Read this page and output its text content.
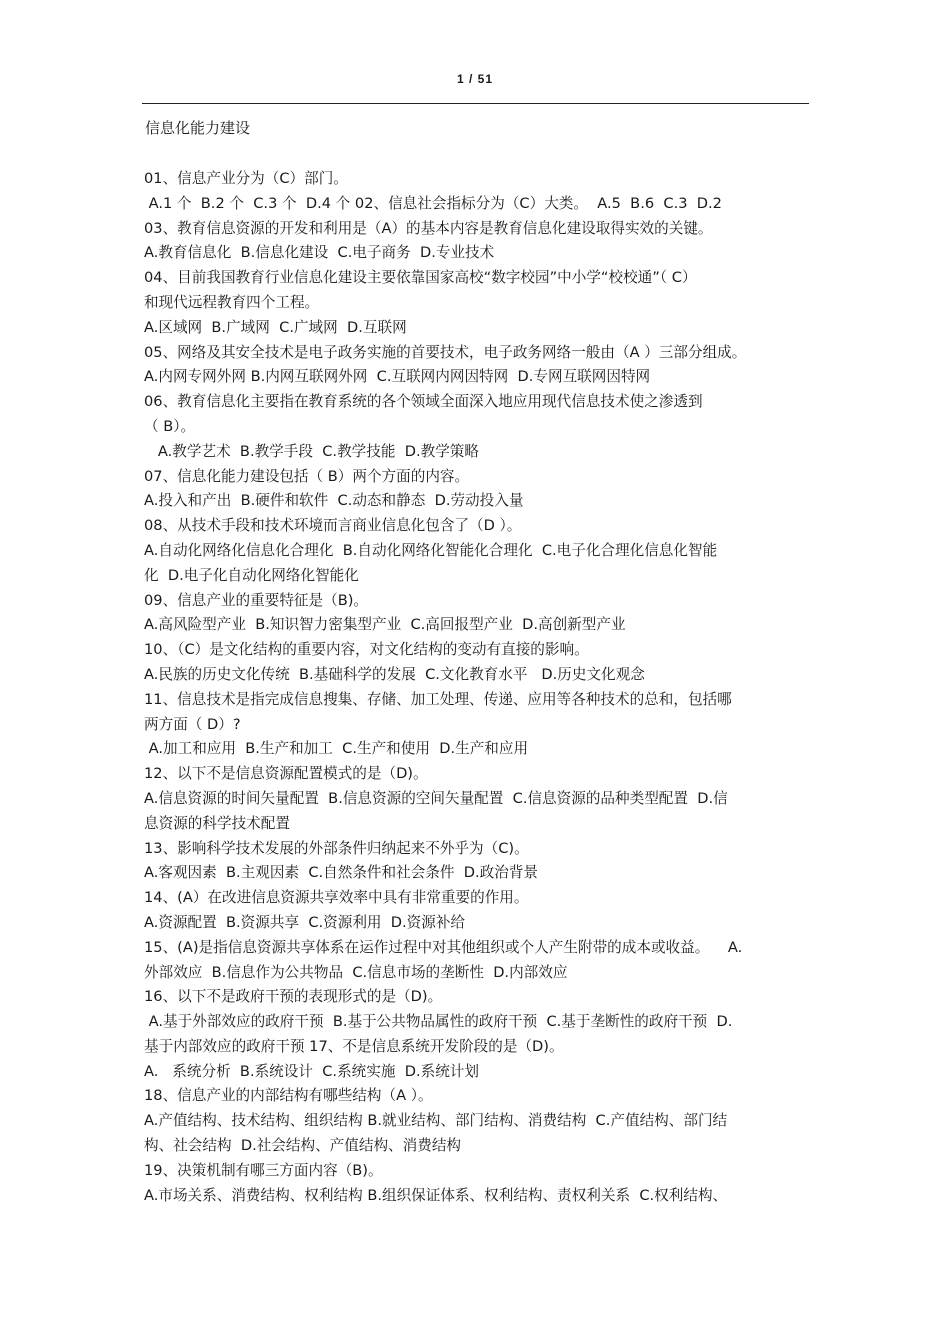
1 / 51
信息化能力建设
01、信息产业分为（C）部门。
A.1 个  B.2 个  C.3 个  D.4 个 02、信息社会指标分为（C）大类。  A.5  B.6  C.3  D.2
03、教育信息资源的开发和利用是（A）的基本内容是教育信息化建设取得实效的关键。
A.教育信息化  B.信息化建设  C.电子商务  D.专业技术
04、目前我国教育行业信息化建设主要依靠国家高校“数字校园”中小学“校校通”（ C）
和现代远程教育四个工程。
A.区域网  B.广域网  C.广域网  D.互联网
05、网络及其安全技术是电子政务实施的首要技术，电子政务网络一般由（A ）三部分组成。
A.内网专网外网 B.内网互联网外网  C.互联网内网因特网  D.专网互联网因特网
06、教育信息化主要指在教育系统的各个领域全面深入地应用现代信息技术使之渗透到
（ B）。
A.教学艺术  B.教学手段  C.教学技能  D.教学策略
07、信息化能力建设包括（ B）两个方面的内容。
A.投入和产出  B.硬件和软件  C.动态和静态  D.劳动投入量
08、从技术手段和技术环境而言商业信息化包含了（D ）。
A.自动化网络化信息化合理化  B.自动化网络化智能化合理化  C.电子化合理化信息化智能
化  D.电子化自动化网络化智能化
09、信息产业的重要特征是（B)。
A.高风险型产业  B.知识智力密集型产业  C.高回报型产业  D.高创新型产业
10、（C）是文化结构的重要内容，对文化结构的变动有直接的影响。
A.民族的历史文化传统  B.基础科学的发展  C.文化教育水平   D.历史文化观念
11、信息技术是指完成信息搜集、存储、加工处理、传递、应用等各种技术的总和，包括哪
两方面（ D）?
A.加工和应用  B.生产和加工  C.生产和使用  D.生产和应用
12、以下不是信息资源配置模式的是（D)。
A.信息资源的时间矢量配置  B.信息资源的空间矢量配置  C.信息资源的品种类型配置  D.信
息资源的科学技术配置
13、影响科学技术发展的外部条件归纳起来不外乎为（C)。
A.客观因素  B.主观因素  C.自然条件和社会条件  D.政治背景
14、(A）在改进信息资源共享效率中具有非常重要的作用。
A.资源配置  B.资源共享  C.资源利用  D.资源补给
15、(A)是指信息资源共享体系在运作过程中对其他组织或个人产生附带的成本或收益。    A.
外部效应  B.信息作为公共物品  C.信息市场的垄断性  D.内部效应
16、以下不是政府干预的表现形式的是（D)。
A.基于外部效应的政府干预  B.基于公共物品属性的政府干预  C.基于垄断性的政府干预  D.
基于内部效应的政府干预 17、不是信息系统开发阶段的是（D)。
A.   系统分析  B.系统设计  C.系统实施  D.系统计划
18、信息产业的内部结构有哪些结构（A ）。
A.产值结构、技术结构、组织结构 B.就业结构、部门结构、消费结构  C.产值结构、部门结
构、社会结构  D.社会结构、产值结构、消费结构
19、决策机制有哪三方面内容（B)。
A.市场关系、消费结构、权利结构 B.组织保证体系、权利结构、责权利关系  C.权利结构、
